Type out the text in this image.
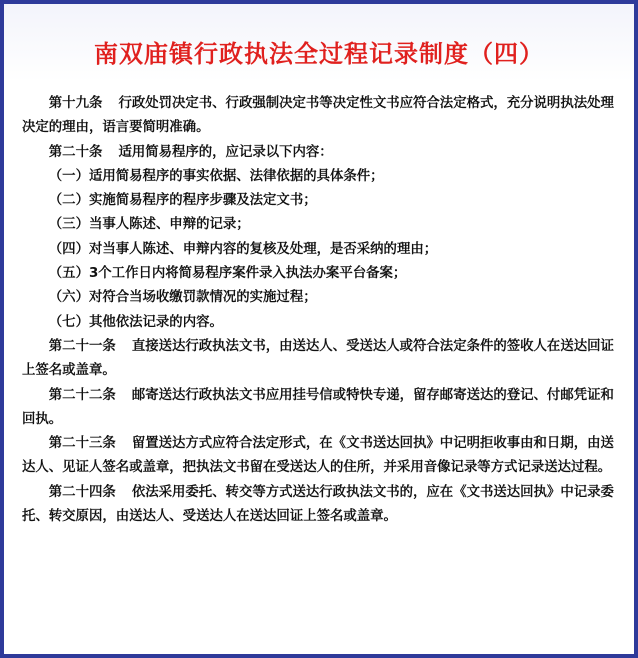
南双庙镇行政执法全过程记录制度（四）

第十九条 行政处罚决定书、行政强制决定书等决定性文书应符合法定格式，充分说明执法处理决定的理由，语言要简明准确。

第二十条 适用简易程序的，应记录以下内容：

（一）适用简易程序的事实依据、法律依据的具体条件；

（二）实施简易程序的程序步骤及法定文书；

（三）当事人陈述、申辩的记录；

（四）对当事人陈述、申辩内容的复核及处理，是否采纳的理由；

（五）3个工作日内将简易程序案件录入执法办案平台备案；

（六）对符合当场收缴罚款情况的实施过程；

（七）其他依法记录的内容。

第二十一条 直接送达行政执法文书，由送达人、受送达人或符合法定条件的签收人在送达回证上签名或盖章。

第二十二条 邮寄送达行政执法文书应用挂号信或特快专递，留存邮寄送达的登记、付邮凭证和回执。

第二十三条 留置送达方式应符合法定形式，在《文书送达回执》中记明拒收事由和日期，由送达人、见证人签名或盖章，把执法文书留在受送达人的住所，并采用音像记录等方式记录送达过程。

第二十四条 依法采用委托、转交等方式送达行政执法文书的，应在《文书送达回执》中记录委托、转交原因，由送达人、受送达人在送达回证上签名或盖章。
